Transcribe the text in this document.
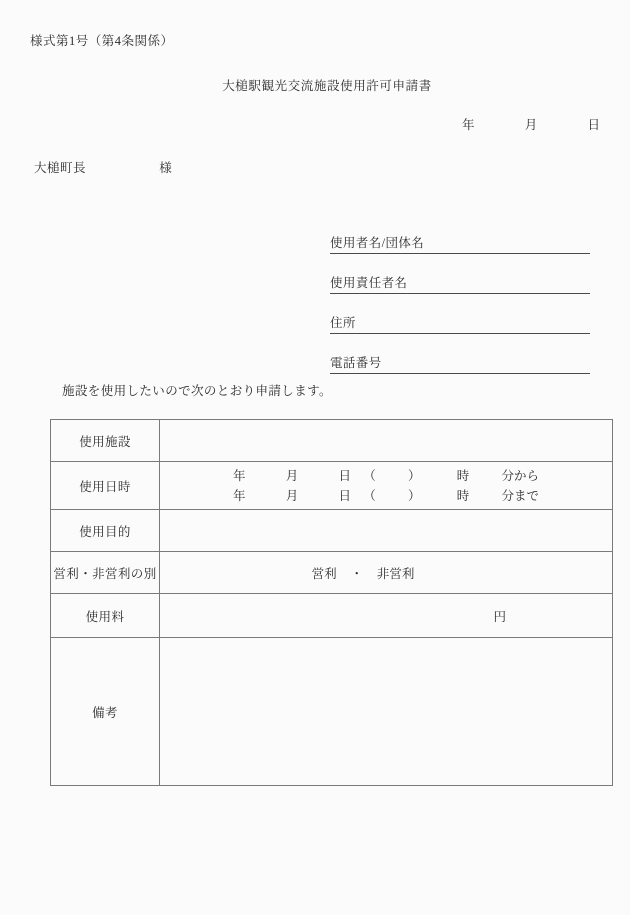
様式第1号（第4条関係）
大槌駅観光交流施設使用許可申請書
年	月	日
大槌町長	様
使用者名/団体名
使用責任者名
住所
電話番号
施設を使用したいので次のとおり申請します。
使用施設	
使用日時	年 月 日 （ ） 時 分から
年 月 日 （ ） 時 分まで

使用目的	
営利・非営利の別	営利 ・ 非営利

使用料	円

備考	
